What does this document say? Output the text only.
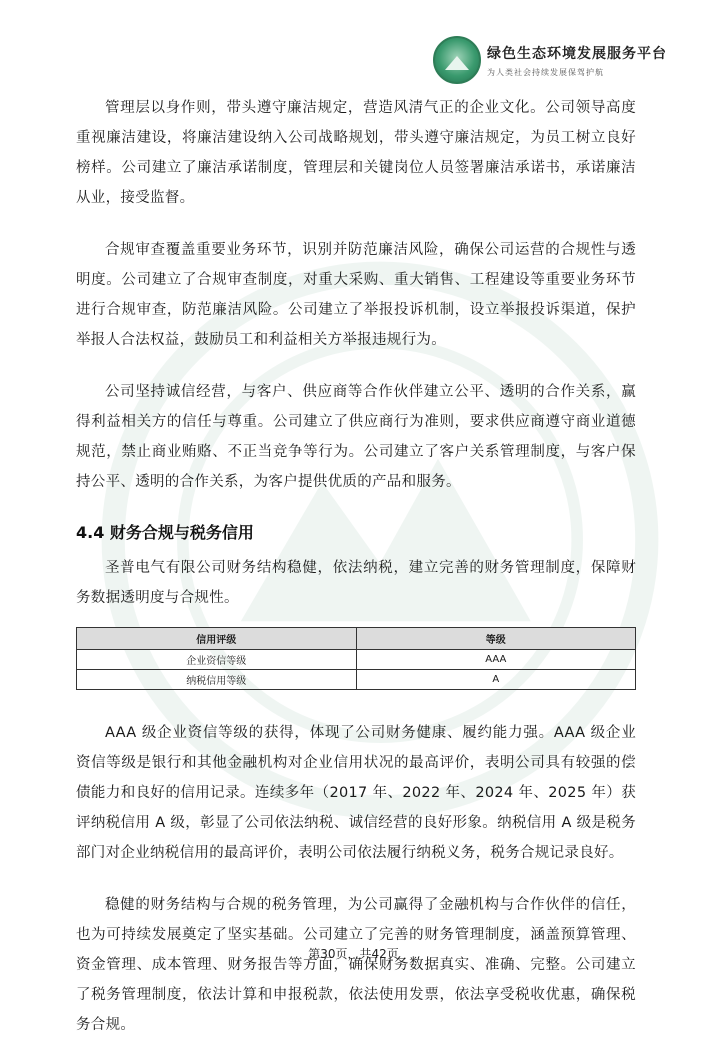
绿色生态环境发展服务平台
为人类社会持续发展保驾护航

管理层以身作则，带头遵守廉洁规定，营造风清气正的企业文化。公司领导高度重视廉洁建设，将廉洁建设纳入公司战略规划，带头遵守廉洁规定，为员工树立良好榜样。公司建立了廉洁承诺制度，管理层和关键岗位人员签署廉洁承诺书，承诺廉洁从业，接受监督。

合规审查覆盖重要业务环节，识别并防范廉洁风险，确保公司运营的合规性与透明度。公司建立了合规审查制度，对重大采购、重大销售、工程建设等重要业务环节进行合规审查，防范廉洁风险。公司建立了举报投诉机制，设立举报投诉渠道，保护举报人合法权益，鼓励员工和利益相关方举报违规行为。

公司坚持诚信经营，与客户、供应商等合作伙伴建立公平、透明的合作关系，赢得利益相关方的信任与尊重。公司建立了供应商行为准则，要求供应商遵守商业道德规范，禁止商业贿赂、不正当竞争等行为。公司建立了客户关系管理制度，与客户保持公平、透明的合作关系，为客户提供优质的产品和服务。

4.4 财务合规与税务信用

圣普电气有限公司财务结构稳健，依法纳税，建立完善的财务管理制度，保障财务数据透明度与合规性。

信用评级	等级
企业资信等级	AAA
纳税信用等级	A

AAA 级企业资信等级的获得，体现了公司财务健康、履约能力强。AAA 级企业资信等级是银行和其他金融机构对企业信用状况的最高评价，表明公司具有较强的偿债能力和良好的信用记录。连续多年（2017 年、2022 年、2024 年、2025 年）获评纳税信用 A 级，彰显了公司依法纳税、诚信经营的良好形象。纳税信用 A 级是税务部门对企业纳税信用的最高评价，表明公司依法履行纳税义务，税务合规记录良好。

稳健的财务结构与合规的税务管理，为公司赢得了金融机构与合作伙伴的信任，也为可持续发展奠定了坚实基础。公司建立了完善的财务管理制度，涵盖预算管理、资金管理、成本管理、财务报告等方面，确保财务数据真实、准确、完整。公司建立了税务管理制度，依法计算和申报税款，依法使用发票，依法享受税收优惠，确保税务合规。

第30页，共42页
